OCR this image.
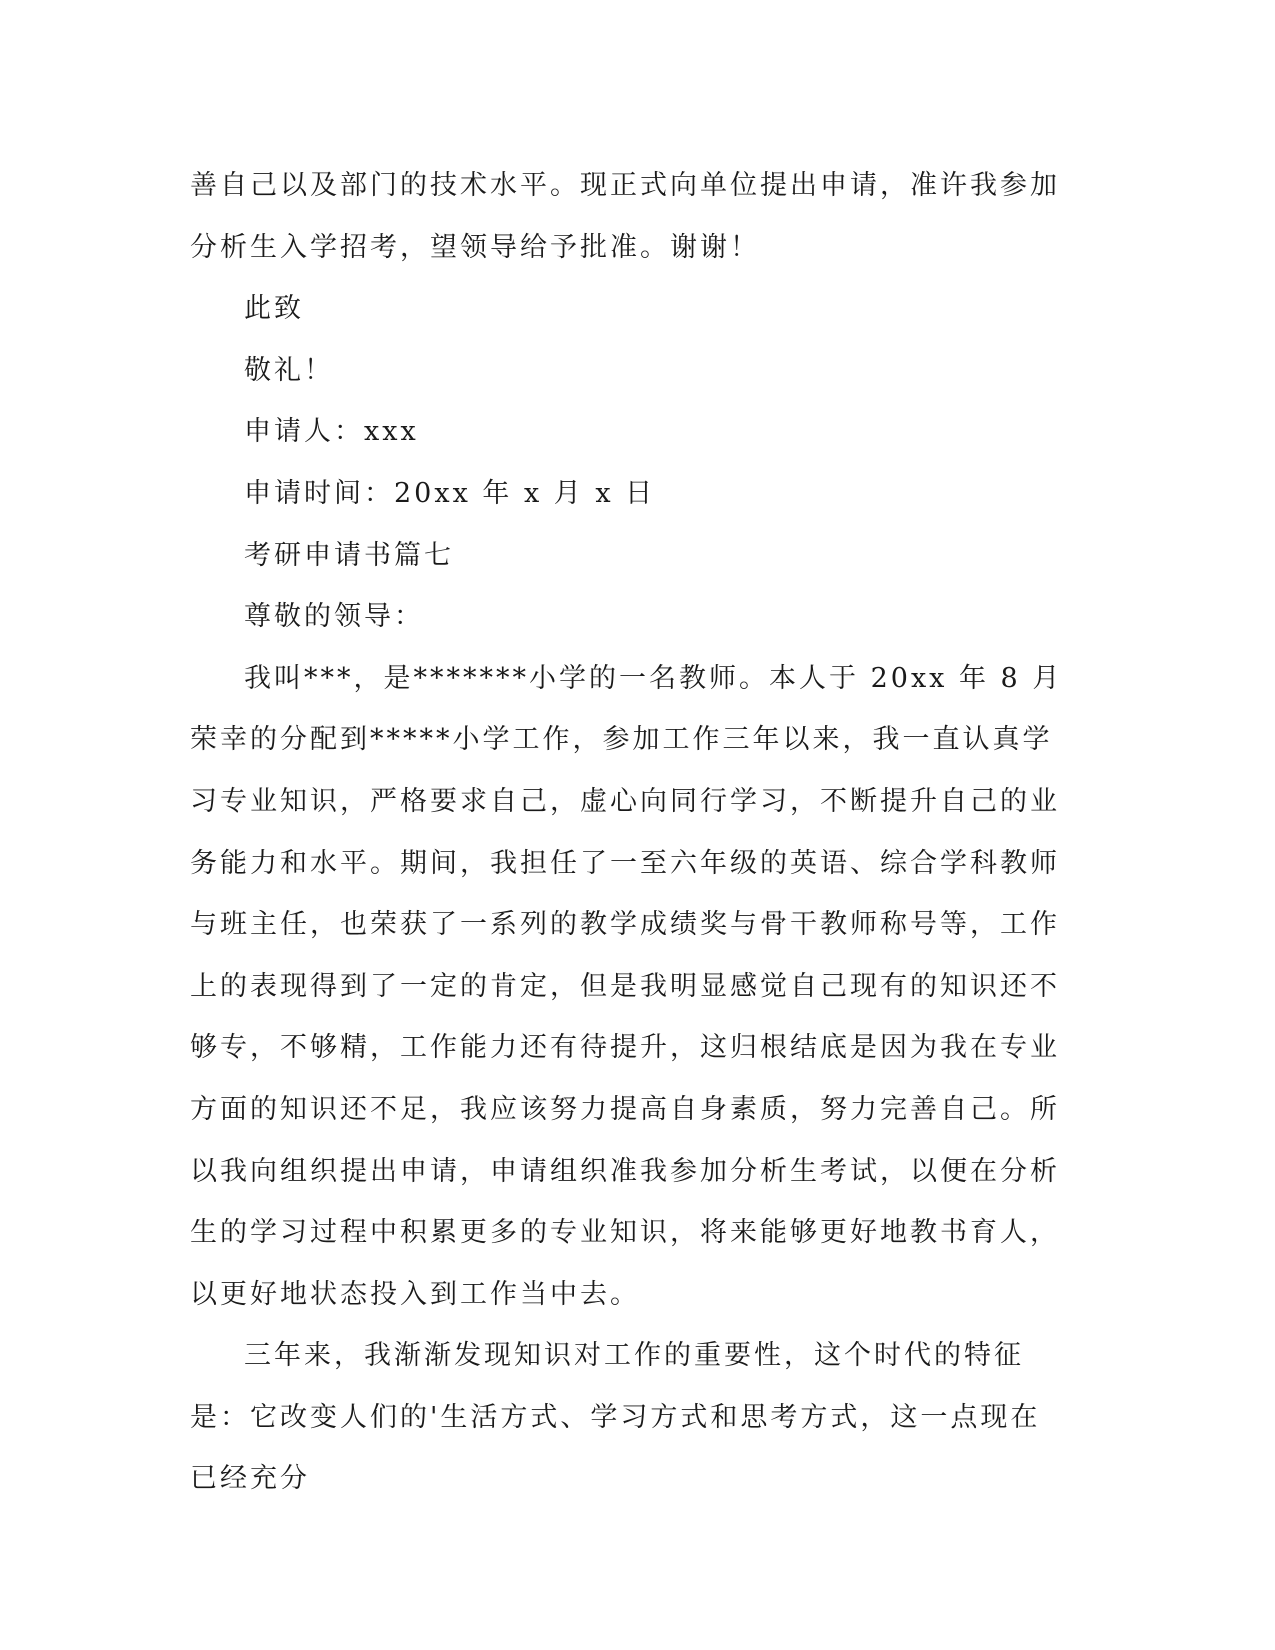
善自己以及部门的技术水平。现正式向单位提出申请，准许我参加分析生入学招考，望领导给予批准。谢谢！

此致

敬礼！

申请人：xxx

申请时间：20xx 年 x 月 x 日

考研申请书篇七

尊敬的领导：

我叫***，是*******小学的一名教师。本人于 20xx 年 8 月荣幸的分配到*****小学工作，参加工作三年以来，我一直认真学习专业知识，严格要求自己，虚心向同行学习，不断提升自己的业务能力和水平。期间，我担任了一至六年级的英语、综合学科教师与班主任，也荣获了一系列的教学成绩奖与骨干教师称号等，工作上的表现得到了一定的肯定，但是我明显感觉自己现有的知识还不够专，不够精，工作能力还有待提升，这归根结底是因为我在专业方面的知识还不足，我应该努力提高自身素质，努力完善自己。所以我向组织提出申请，申请组织准我参加分析生考试，以便在分析生的学习过程中积累更多的专业知识，将来能够更好地教书育人，以更好地状态投入到工作当中去。

三年来，我渐渐发现知识对工作的重要性，这个时代的特征是：它改变人们的'生活方式、学习方式和思考方式，这一点现在已经充分
